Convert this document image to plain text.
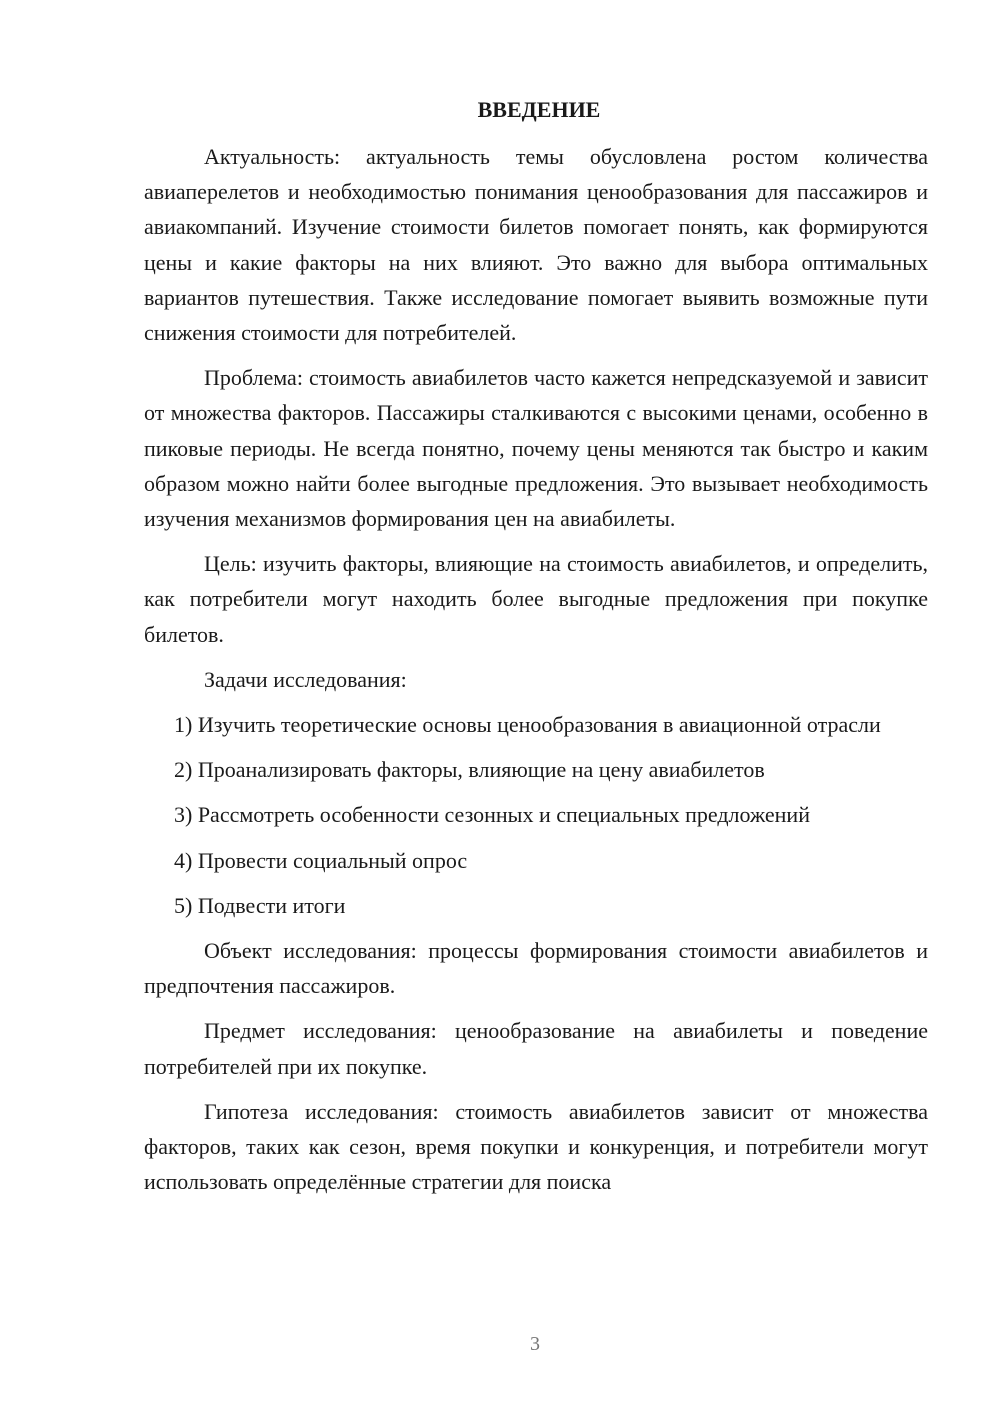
ВВЕДЕНИЕ

Актуальность: актуальность темы обусловлена ростом количества авиаперелетов и необходимостью понимания ценообразования для пассажиров и авиакомпаний. Изучение стоимости билетов помогает понять, как формируются цены и какие факторы на них влияют. Это важно для выбора оптимальных вариантов путешествия. Также исследование помогает выявить возможные пути снижения стоимости для потребителей.

Проблема: стоимость авиабилетов часто кажется непредсказуемой и зависит от множества факторов. Пассажиры сталкиваются с высокими ценами, особенно в пиковые периоды. Не всегда понятно, почему цены меняются так быстро и каким образом можно найти более выгодные предложения. Это вызывает необходимость изучения механизмов формирования цен на авиабилеты.

Цель: изучить факторы, влияющие на стоимость авиабилетов, и определить, как потребители могут находить более выгодные предложения при покупке билетов.

Задачи исследования:

1) Изучить теоретические основы ценообразования в авиационной отрасли

2) Проанализировать факторы, влияющие на цену авиабилетов

3) Рассмотреть особенности сезонных и специальных предложений

4) Провести социальный опрос

5) Подвести итоги

Объект исследования: процессы формирования стоимости авиабилетов и предпочтения пассажиров.

Предмет исследования: ценообразование на авиабилеты и поведение потребителей при их покупке.

Гипотеза исследования: стоимость авиабилетов зависит от множества факторов, таких как сезон, время покупки и конкуренция, и потребители могут использовать определённые стратегии для поиска

3
